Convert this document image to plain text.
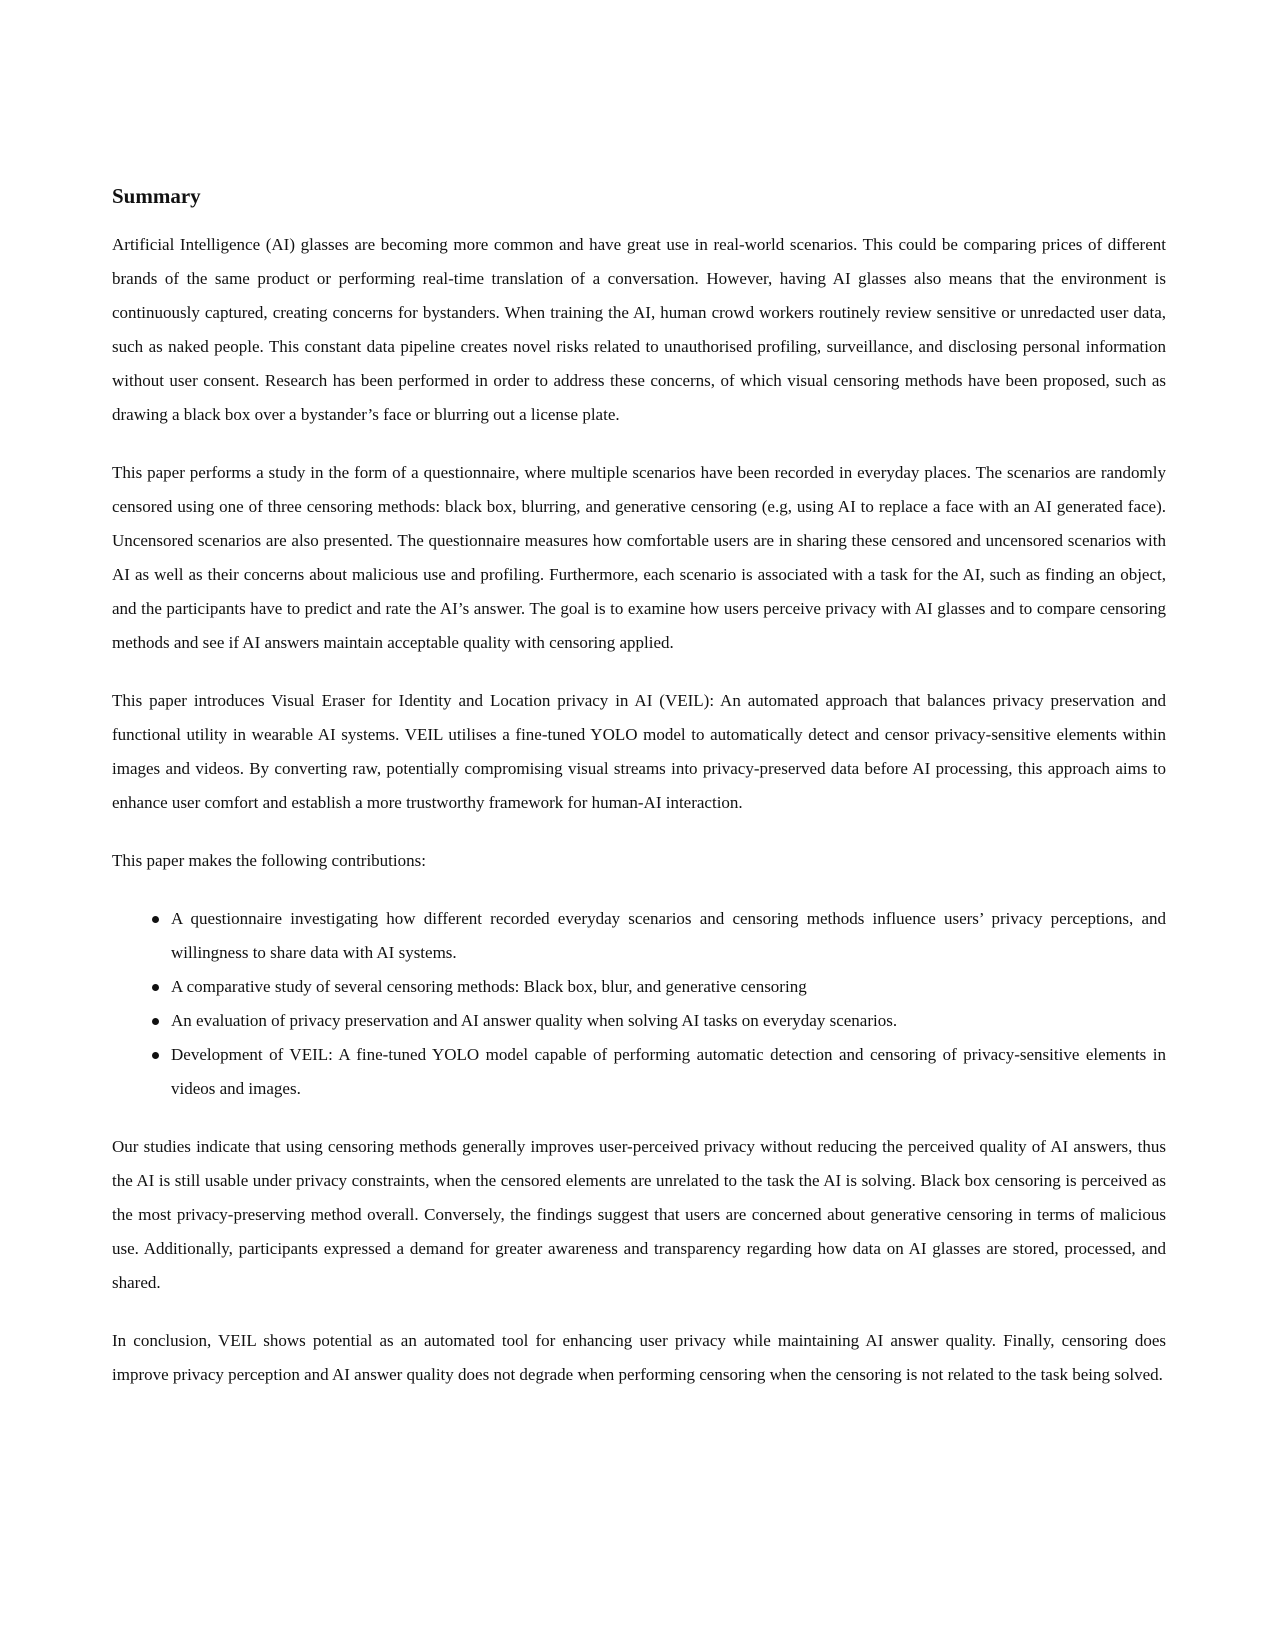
Summary

Artificial Intelligence (AI) glasses are becoming more common and have great use in real-world scenarios. This could be comparing prices of different brands of the same product or performing real-time translation of a conversation. However, having AI glasses also means that the environment is continuously captured, creating concerns for bystanders. When training the AI, human crowd workers routinely review sensitive or unredacted user data, such as naked people. This constant data pipeline creates novel risks related to unauthorised profiling, surveillance, and disclosing personal information without user consent. Research has been performed in order to address these concerns, of which visual censoring methods have been proposed, such as drawing a black box over a bystander’s face or blurring out a license plate.

This paper performs a study in the form of a questionnaire, where multiple scenarios have been recorded in everyday places. The scenarios are randomly censored using one of three censoring methods: black box, blurring, and generative censoring (e.g, using AI to replace a face with an AI generated face). Uncensored scenarios are also presented. The questionnaire measures how comfortable users are in sharing these censored and uncensored scenarios with AI as well as their concerns about malicious use and profiling. Furthermore, each scenario is associated with a task for the AI, such as finding an object, and the participants have to predict and rate the AI’s answer. The goal is to examine how users perceive privacy with AI glasses and to compare censoring methods and see if AI answers maintain acceptable quality with censoring applied.

This paper introduces Visual Eraser for Identity and Location privacy in AI (VEIL): An automated approach that balances privacy preservation and functional utility in wearable AI systems. VEIL utilises a fine-tuned YOLO model to automatically detect and censor privacy-sensitive elements within images and videos. By converting raw, potentially compromising visual streams into privacy-preserved data before AI processing, this approach aims to enhance user comfort and establish a more trustworthy framework for human-AI interaction.

This paper makes the following contributions:

A questionnaire investigating how different recorded everyday scenarios and censoring methods influence users’ privacy perceptions, and willingness to share data with AI systems.
A comparative study of several censoring methods: Black box, blur, and generative censoring
An evaluation of privacy preservation and AI answer quality when solving AI tasks on everyday scenarios.
Development of VEIL: A fine-tuned YOLO model capable of performing automatic detection and censoring of privacy-sensitive elements in videos and images.

Our studies indicate that using censoring methods generally improves user-perceived privacy without reducing the perceived quality of AI answers, thus the AI is still usable under privacy constraints, when the censored elements are unrelated to the task the AI is solving. Black box censoring is perceived as the most privacy-preserving method overall. Conversely, the findings suggest that users are concerned about generative censoring in terms of malicious use. Additionally, participants expressed a demand for greater awareness and transparency regarding how data on AI glasses are stored, processed, and shared.

In conclusion, VEIL shows potential as an automated tool for enhancing user privacy while maintaining AI answer quality. Finally, censoring does improve privacy perception and AI answer quality does not degrade when performing censoring when the censoring is not related to the task being solved.
